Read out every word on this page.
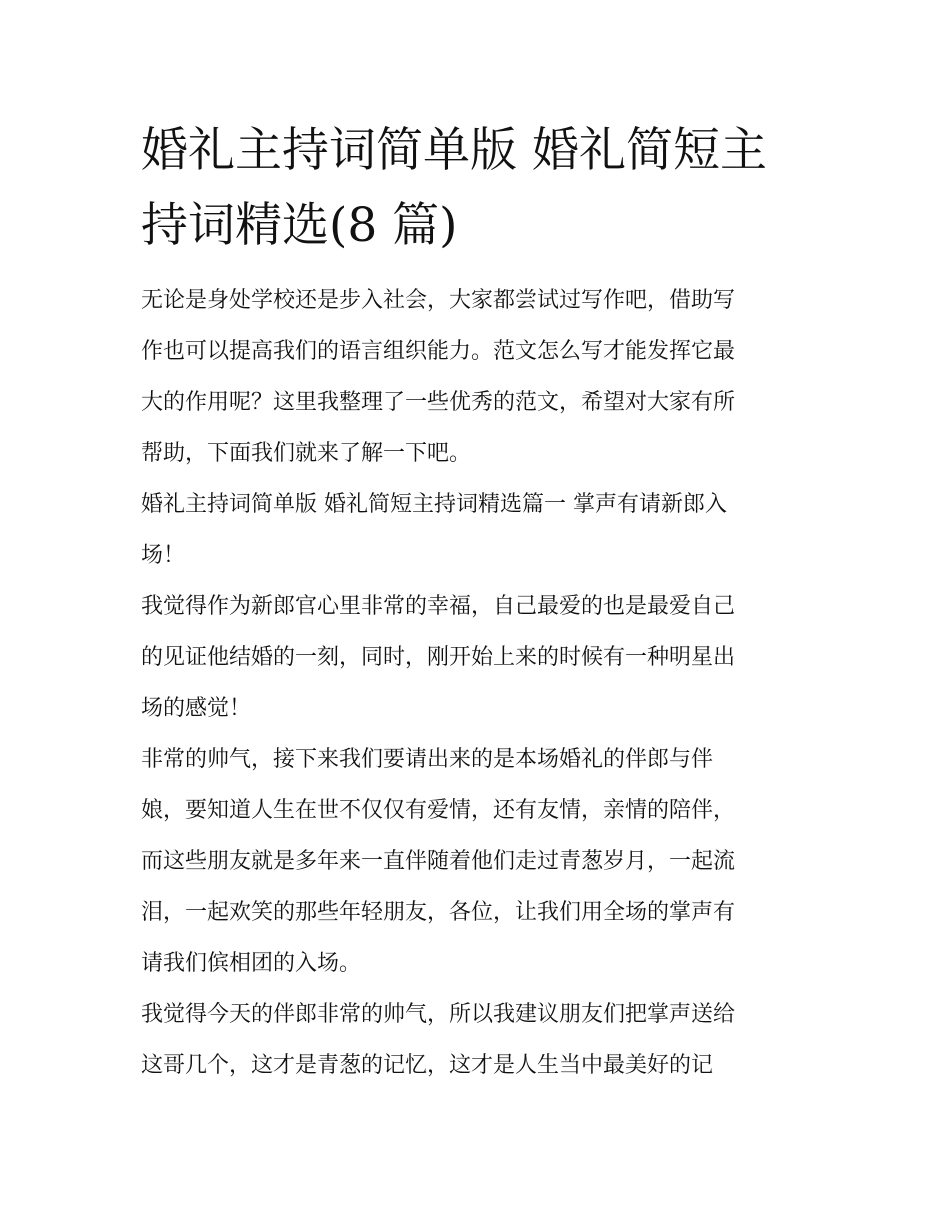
婚礼主持词简单版 婚礼简短主
持词精选(8 篇)

无论是身处学校还是步入社会，大家都尝试过写作吧，借助写
作也可以提高我们的语言组织能力。范文怎么写才能发挥它最
大的作用呢？这里我整理了一些优秀的范文，希望对大家有所
帮助，下面我们就来了解一下吧。

婚礼主持词简单版 婚礼简短主持词精选篇一 掌声有请新郎入
场！

我觉得作为新郎官心里非常的幸福，自己最爱的也是最爱自己
的见证他结婚的一刻，同时，刚开始上来的时候有一种明星出
场的感觉！

非常的帅气，接下来我们要请出来的是本场婚礼的伴郎与伴
娘，要知道人生在世不仅仅有爱情，还有友情，亲情的陪伴，
而这些朋友就是多年来一直伴随着他们走过青葱岁月，一起流
泪，一起欢笑的那些年轻朋友，各位，让我们用全场的掌声有
请我们傧相团的入场。

我觉得今天的伴郎非常的帅气，所以我建议朋友们把掌声送给
这哥几个，这才是青葱的记忆，这才是人生当中最美好的记
